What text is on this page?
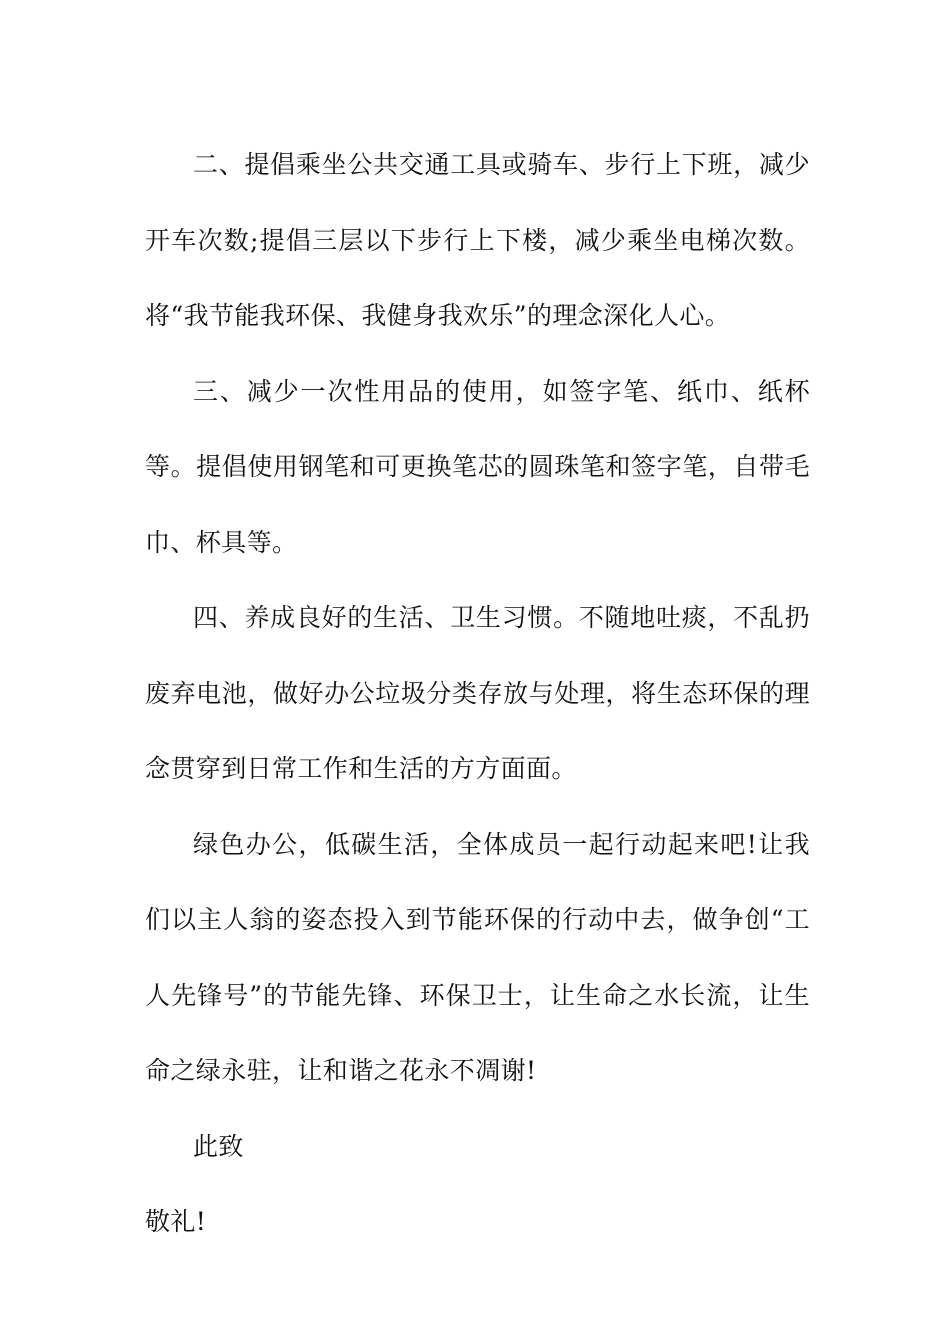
二、提倡乘坐公共交通工具或骑车、步行上下班，减少开车次数;提倡三层以下步行上下楼，减少乘坐电梯次数。将“我节能我环保、我健身我欢乐”的理念深化人心。

三、减少一次性用品的使用，如签字笔、纸巾、纸杯等。提倡使用钢笔和可更换笔芯的圆珠笔和签字笔，自带毛巾、杯具等。

四、养成良好的生活、卫生习惯。不随地吐痰，不乱扔废弃电池，做好办公垃圾分类存放与处理，将生态环保的理念贯穿到日常工作和生活的方方面面。

绿色办公，低碳生活，全体成员一起行动起来吧!让我们以主人翁的姿态投入到节能环保的行动中去，做争创“工人先锋号”的节能先锋、环保卫士，让生命之水长流，让生命之绿永驻，让和谐之花永不凋谢!

此致

敬礼!
